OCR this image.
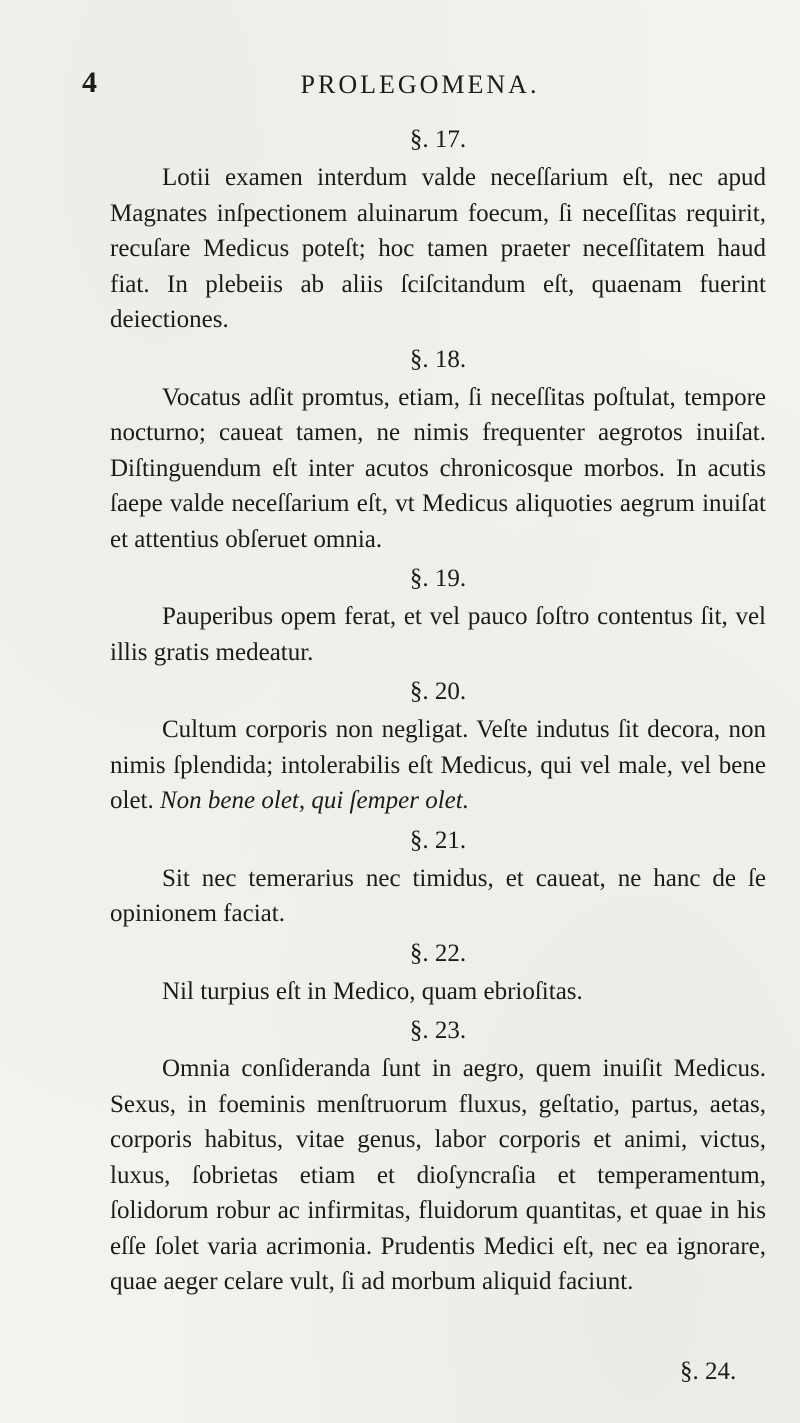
4	PROLEGOMENA.
§. 17.

Lotii examen interdum valde neceſſarium eſt, nec apud Magnates inſpectionem aluinarum foecum, ſi neceſſitas requirit, recuſare Medicus poteſt; hoc tamen praeter neceſſitatem haud fiat. In plebeiis ab aliis ſciſcitandum eſt, quaenam fuerint deiectiones.

§. 18.

Vocatus adſit promtus, etiam, ſi neceſſitas poſtulat, tempore nocturno; caueat tamen, ne nimis frequenter aegrotos inuiſat. Diſtinguendum eſt inter acutos chronicosque morbos. In acutis ſaepe valde neceſſarium eſt, vt Medicus aliquoties aegrum inuiſat et attentius obſeruet omnia.

§. 19.

Pauperibus opem ferat, et vel pauco ſoſtro contentus ſit, vel illis gratis medeatur.

§. 20.

Cultum corporis non negligat. Veſte indutus ſit decora, non nimis ſplendida; intolerabilis eſt Medicus, qui vel male, vel bene olet. Non bene olet, qui ſemper olet.

§. 21.

Sit nec temerarius nec timidus, et caueat, ne hanc de ſe opinionem faciat.

§. 22.

Nil turpius eſt in Medico, quam ebrioſitas.

§. 23.

Omnia conſideranda ſunt in aegro, quem inuiſit Medicus. Sexus, in foeminis menſtruorum fluxus, geſtatio, partus, aetas, corporis habitus, vitae genus, labor corporis et animi, victus, luxus, ſobrietas etiam et dioſyncraſia et temperamentum, ſolidorum robur ac infirmitas, fluidorum quantitas, et quae in his eſſe ſolet varia acrimonia. Prudentis Medici eſt, nec ea ignorare, quae aeger celare vult, ſi ad morbum aliquid faciunt.

§. 24.
